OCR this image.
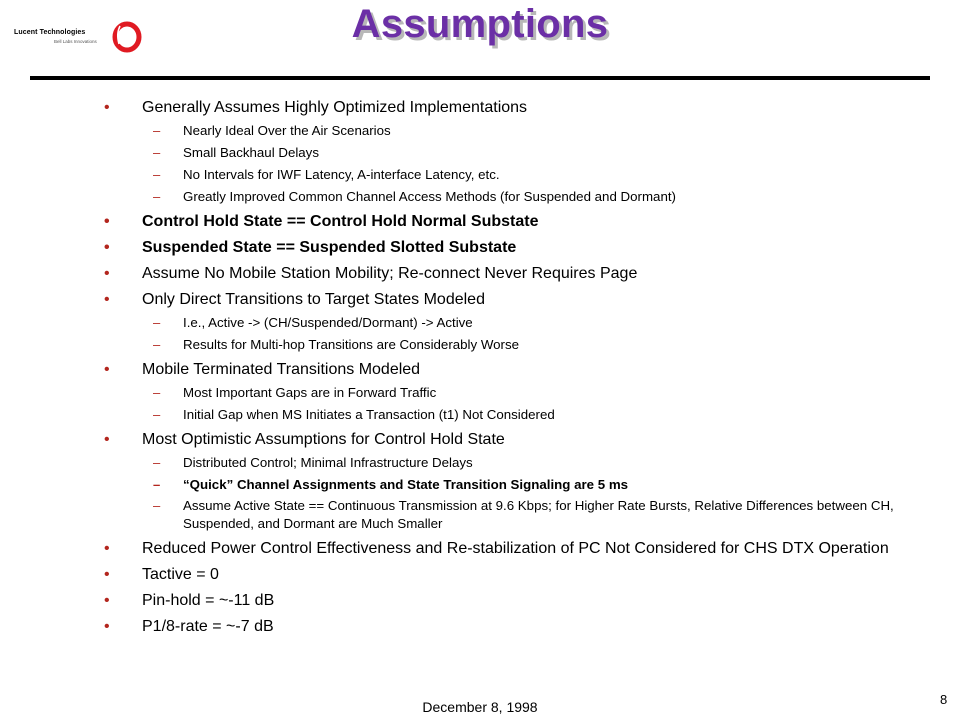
Lucent Technologies
Bell Labs Innovations	Assumptions
• Generally Assumes Highly Optimized Implementations
– Nearly Ideal Over the Air Scenarios
– Small Backhaul Delays
– No Intervals for IWF Latency, A-interface Latency, etc.
– Greatly Improved Common Channel Access Methods (for Suspended and Dormant)
• Control Hold State == Control Hold Normal Substate
• Suspended State == Suspended Slotted Substate
• Assume No Mobile Station Mobility; Re-connect Never Requires Page
• Only Direct Transitions to Target States Modeled
– I.e., Active -> (CH/Suspended/Dormant) -> Active
– Results for Multi-hop Transitions are Considerably Worse
• Mobile Terminated Transitions Modeled
– Most Important Gaps are in Forward Traffic
– Initial Gap when MS Initiates a Transaction (t1) Not Considered
• Most Optimistic Assumptions for Control Hold State
– Distributed Control; Minimal Infrastructure Delays
– “Quick” Channel Assignments and State Transition Signaling are 5 ms
– Assume Active State == Continuous Transmission at 9.6 Kbps; for Higher Rate Bursts, Relative Differences between CH, Suspended, and Dormant are Much Smaller
• Reduced Power Control Effectiveness and Re-stabilization of PC Not Considered for CHS DTX Operation
• Tactive = 0
• Pin-hold = ~-11 dB
• P1/8-rate = ~-7 dB
December 8, 1998	8
